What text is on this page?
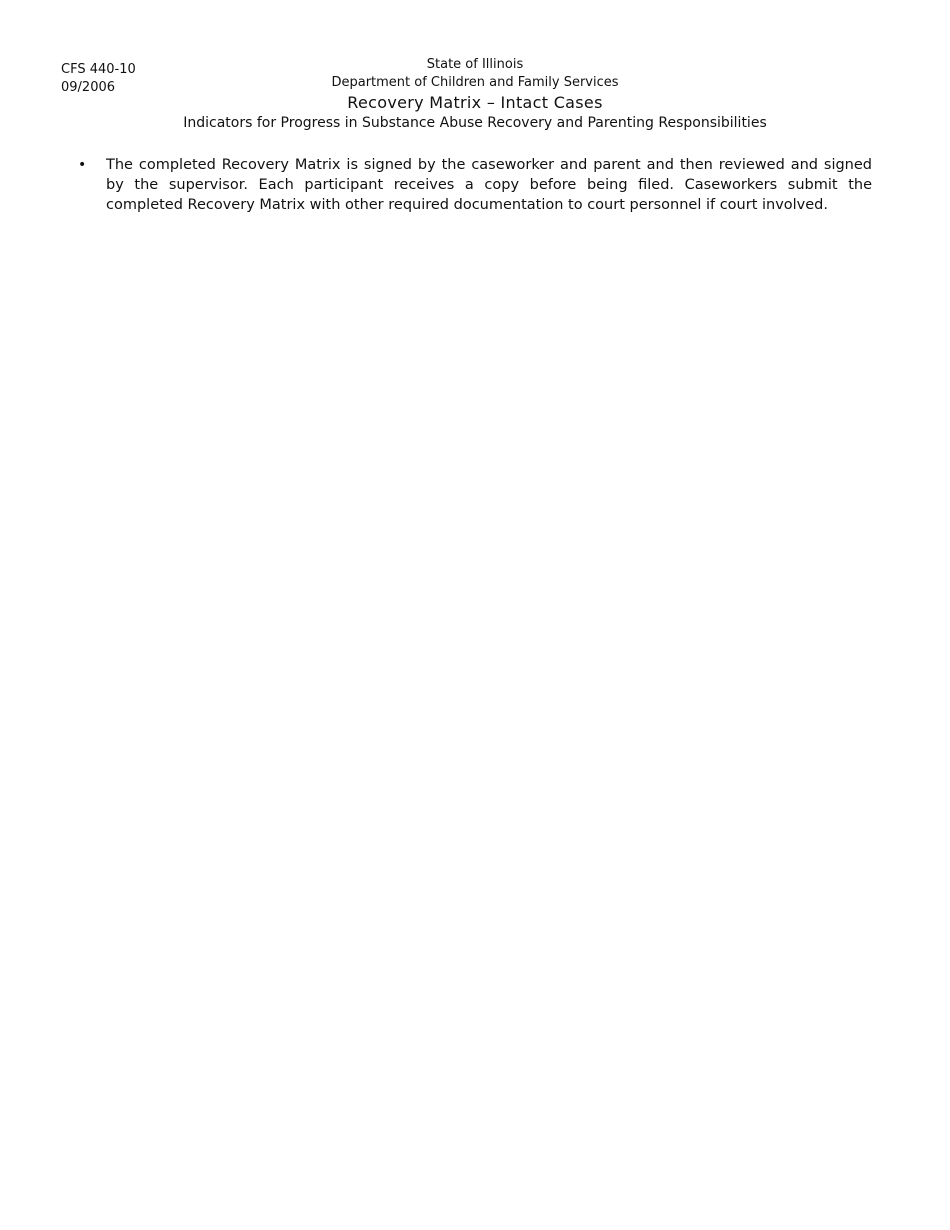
CFS 440-10
09/2006
State of Illinois
Department of Children and Family Services
Recovery Matrix – Intact Cases
Indicators for Progress in Substance Abuse Recovery and Parenting Responsibilities
• The completed Recovery Matrix is signed by the caseworker and parent and then reviewed and signed by the supervisor. Each participant receives a copy before being filed. Caseworkers submit the completed Recovery Matrix with other required documentation to court personnel if court involved.
